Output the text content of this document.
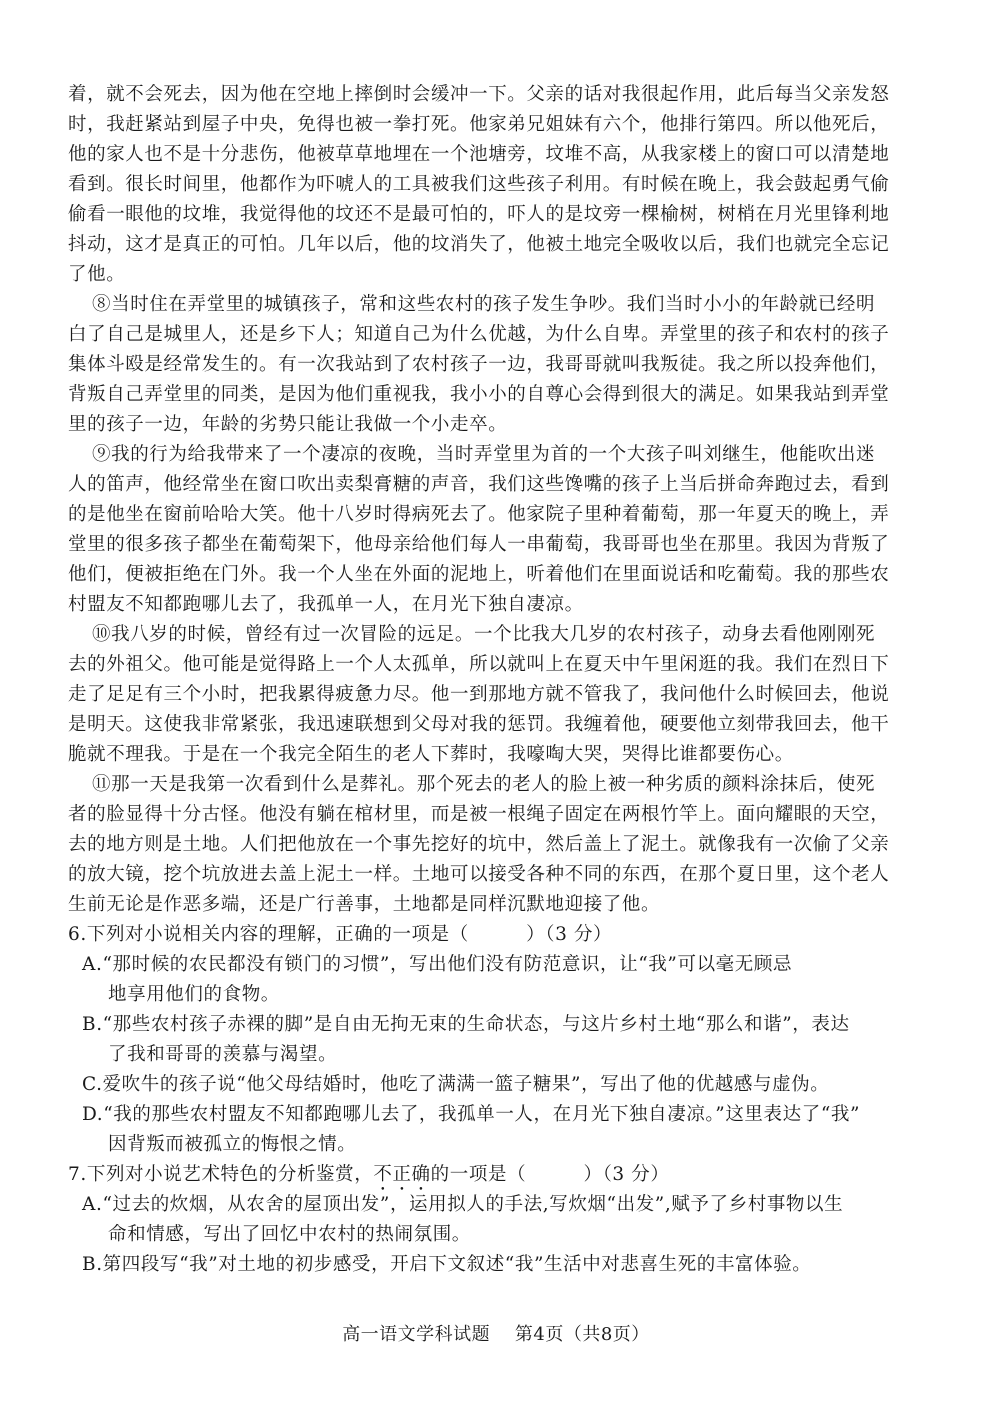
着，就不会死去，因为他在空地上摔倒时会缓冲一下。父亲的话对我很起作用，此后每当父亲发怒
时，我赶紧站到屋子中央，免得也被一拳打死。他家弟兄姐妹有六个，他排行第四。所以他死后，
他的家人也不是十分悲伤，他被草草地埋在一个池塘旁，坟堆不高，从我家楼上的窗口可以清楚地
看到。很长时间里，他都作为吓唬人的工具被我们这些孩子利用。有时候在晚上，我会鼓起勇气偷
偷看一眼他的坟堆，我觉得他的坟还不是最可怕的，吓人的是坟旁一棵榆树，树梢在月光里锋利地
抖动，这才是真正的可怕。几年以后，他的坟消失了，他被土地完全吸收以后，我们也就完全忘记
了他。
⑧当时住在弄堂里的城镇孩子，常和这些农村的孩子发生争吵。我们当时小小的年龄就已经明
白了自己是城里人，还是乡下人；知道自己为什么优越，为什么自卑。弄堂里的孩子和农村的孩子
集体斗殴是经常发生的。有一次我站到了农村孩子一边，我哥哥就叫我叛徒。我之所以投奔他们，
背叛自己弄堂里的同类，是因为他们重视我，我小小的自尊心会得到很大的满足。如果我站到弄堂
里的孩子一边，年龄的劣势只能让我做一个小走卒。
⑨我的行为给我带来了一个凄凉的夜晚，当时弄堂里为首的一个大孩子叫刘继生，他能吹出迷
人的笛声，他经常坐在窗口吹出卖梨膏糖的声音，我们这些馋嘴的孩子上当后拼命奔跑过去，看到
的是他坐在窗前哈哈大笑。他十八岁时得病死去了。他家院子里种着葡萄，那一年夏天的晚上，弄
堂里的很多孩子都坐在葡萄架下，他母亲给他们每人一串葡萄，我哥哥也坐在那里。我因为背叛了
他们，便被拒绝在门外。我一个人坐在外面的泥地上，听着他们在里面说话和吃葡萄。我的那些农
村盟友不知都跑哪儿去了，我孤单一人，在月光下独自凄凉。
⑩我八岁的时候，曾经有过一次冒险的远足。一个比我大几岁的农村孩子，动身去看他刚刚死
去的外祖父。他可能是觉得路上一个人太孤单，所以就叫上在夏天中午里闲逛的我。我们在烈日下
走了足足有三个小时，把我累得疲惫力尽。他一到那地方就不管我了，我问他什么时候回去，他说
是明天。这使我非常紧张，我迅速联想到父母对我的惩罚。我缠着他，硬要他立刻带我回去，他干
脆就不理我。于是在一个我完全陌生的老人下葬时，我嚎啕大哭，哭得比谁都要伤心。
⑪那一天是我第一次看到什么是葬礼。那个死去的老人的脸上被一种劣质的颜料涂抹后，使死
者的脸显得十分古怪。他没有躺在棺材里，而是被一根绳子固定在两根竹竿上。面向耀眼的天空，
去的地方则是土地。人们把他放在一个事先挖好的坑中，然后盖上了泥土。就像我有一次偷了父亲
的放大镜，挖个坑放进去盖上泥土一样。土地可以接受各种不同的东西，在那个夏日里，这个老人
生前无论是作恶多端，还是广行善事，土地都是同样沉默地迎接了他。
6.下列对小说相关内容的理解，正确的一项是（　　　）（3 分）
A.“那时候的农民都没有锁门的习惯”，写出他们没有防范意识，让“我”可以毫无顾忌
地享用他们的食物。
B.“那些农村孩子赤裸的脚”是自由无拘无束的生命状态，与这片乡村土地“那么和谐”，表达
了我和哥哥的羡慕与渴望。
C.爱吹牛的孩子说“他父母结婚时，他吃了满满一篮子糖果”，写出了他的优越感与虚伪。
D.“我的那些农村盟友不知都跑哪儿去了，我孤单一人，在月光下独自凄凉。”这里表达了“我”
因背叛而被孤立的悔恨之情。
7.下列对小说艺术特色的分析鉴赏，不正确的一项是（　　　）（3 分）
A.“过去的炊烟，从农舍的屋顶出发”，运用拟人的手法,写炊烟“出发”,赋予了乡村事物以生
命和情感，写出了回忆中农村的热闹氛围。
B.第四段写“我”对土地的初步感受，开启下文叙述“我”生活中对悲喜生死的丰富体验。
高一语文学科试题　 第4页（共8页）
